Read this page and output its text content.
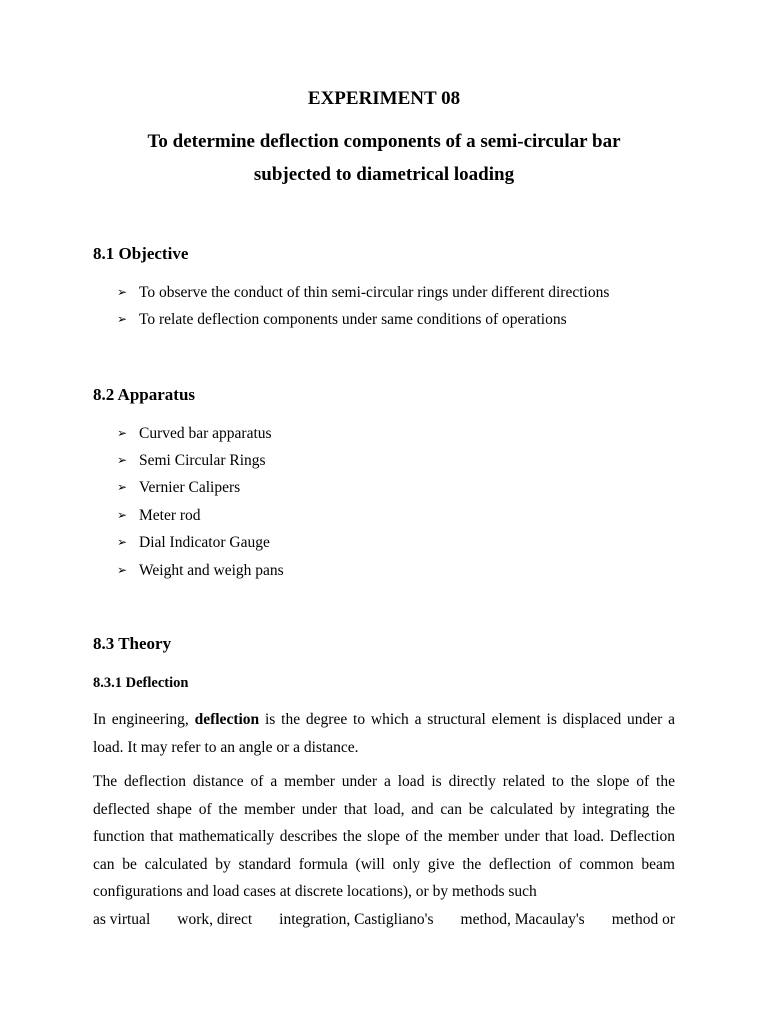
EXPERIMENT 08
To determine deflection components of a semi-circular bar
subjected to diametrical loading
8.1 Objective
➢ To observe the conduct of thin semi-circular rings under different directions
➢ To relate deflection components under same conditions of operations
8.2 Apparatus
➢ Curved bar apparatus
➢ Semi Circular Rings
➢ Vernier Calipers
➢ Meter rod
➢ Dial Indicator Gauge
➢ Weight and weigh pans
8.3 Theory
8.3.1 Deflection

In engineering, deflection is the degree to which a structural element is displaced under a load. It may refer to an angle or a distance.

The deflection distance of a member under a load is directly related to the slope of the deflected shape of the member under that load, and can be calculated by integrating the function that mathematically describes the slope of the member under that load. Deflection can be calculated by standard formula (will only give the deflection of common beam configurations and load cases at discrete locations), or by methods such
as virtual work, direct integration, Castigliano's method, Macaulay's method or
